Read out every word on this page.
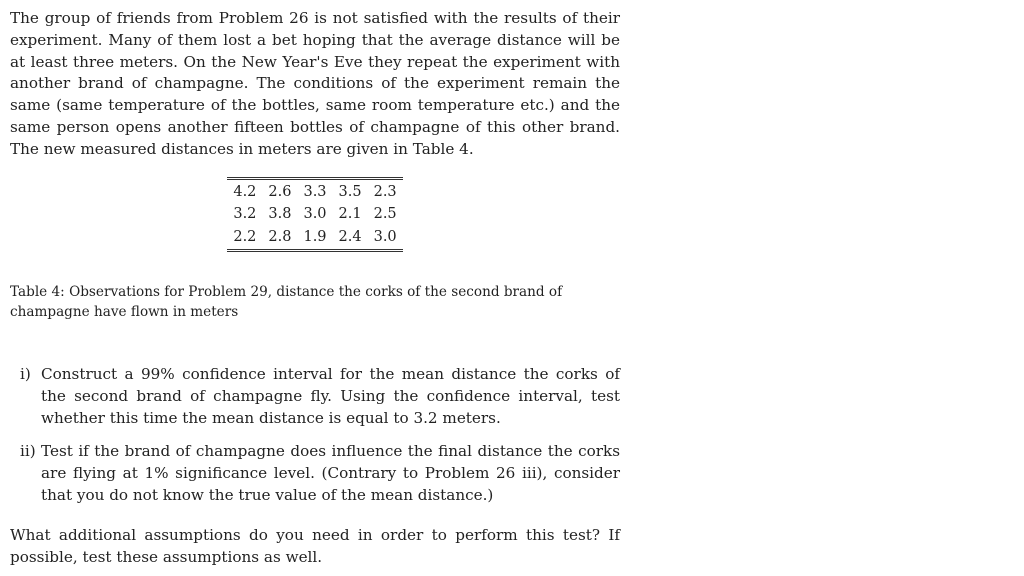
The group of friends from Problem 26 is not satisfied with the results of their experiment. Many of them lost a bet hoping that the average distance will be at least three meters. On the New Year's Eve they repeat the experiment with another brand of champagne. The conditions of the experiment remain the same (same temperature of the bottles, same room temperature etc.) and the same person opens another fifteen bottles of champagne of this other brand. The new measured distances in meters are given in Table 4.

4.2	2.6	3.3	3.5	2.3
3.2	3.8	3.0	2.1	2.5
2.2	2.8	1.9	2.4	3.0

Table 4: Observations for Problem 29, distance the corks of the second brand of champagne have flown in meters

i) Construct a 99% confidence interval for the mean distance the corks of the second brand of champagne fly. Using the confidence interval, test whether this time the mean distance is equal to 3.2 meters.

ii) Test if the brand of champagne does influence the final distance the corks are flying at 1% significance level. (Contrary to Problem 26 iii), consider that you do not know the true value of the mean distance.)

What additional assumptions do you need in order to perform this test? If possible, test these assumptions as well.
